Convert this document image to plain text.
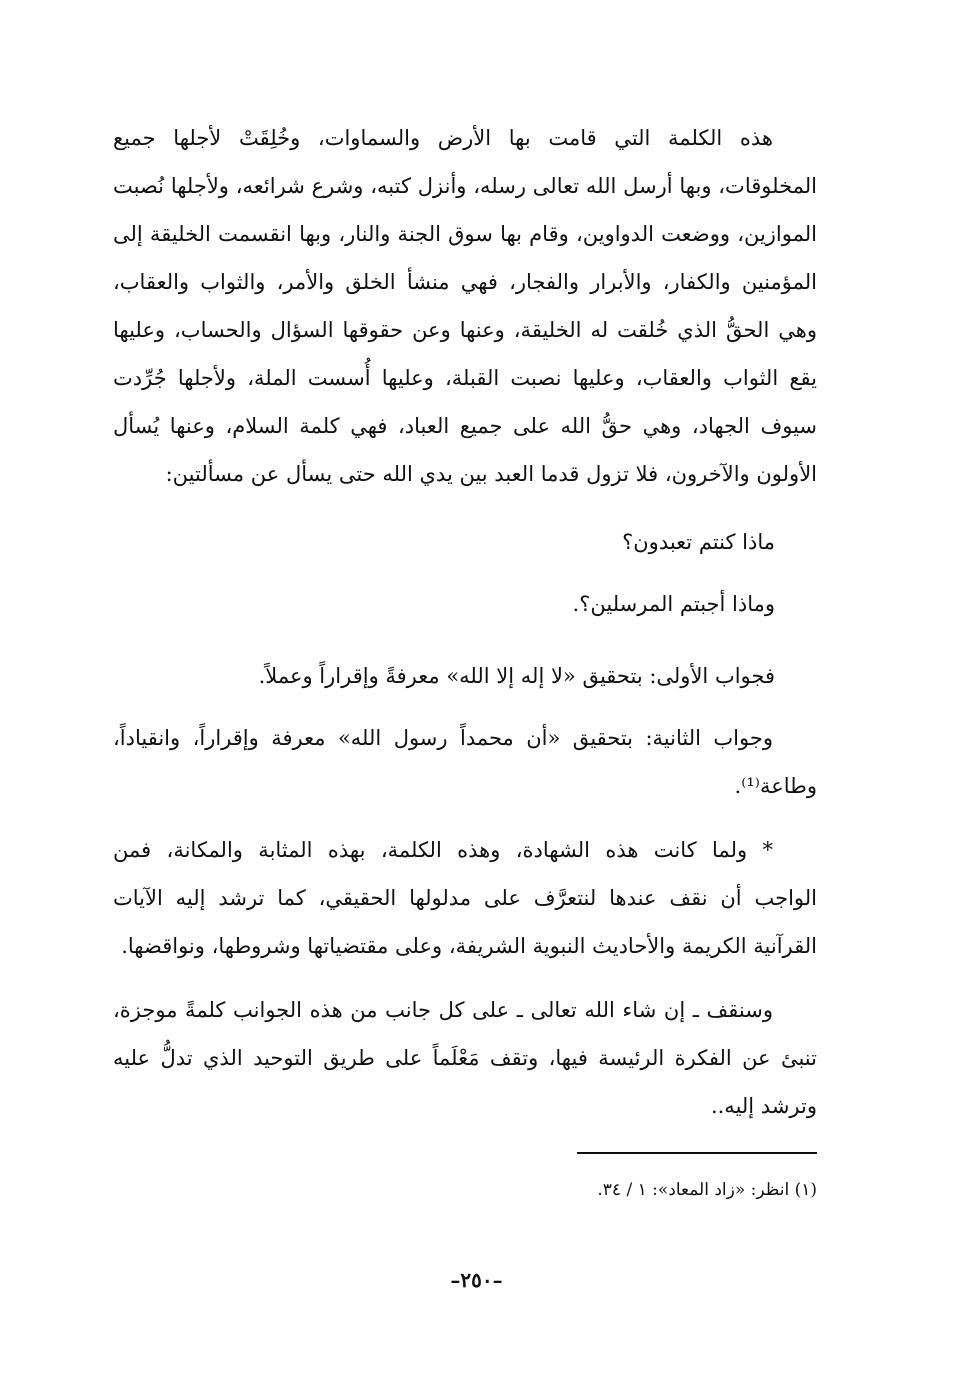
هذه الكلمة التي قامت بها الأرض والسماوات، وخُلِقَتْ لأجلها جميع
المخلوقات، وبها أرسل الله تعالى رسله، وأنزل كتبه، وشرع شرائعه، ولأجلها نُصبت
الموازين، ووضعت الدواوين، وقام بها سوق الجنة والنار، وبها انقسمت الخليقة إلى
المؤمنين والكفار، والأبرار والفجار، فهي منشأ الخلق والأمر، والثواب والعقاب،
وهي الحقُّ الذي خُلقت له الخليقة، وعنها وعن حقوقها السؤال والحساب، وعليها
يقع الثواب والعقاب، وعليها نصبت القبلة، وعليها أُسست الملة، ولأجلها جُرِّدت
سيوف الجهاد، وهي حقُّ الله على جميع العباد، فهي كلمة السلام، وعنها يُسأل
الأولون والآخرون، فلا تزول قدما العبد بين يدي الله حتى يسأل عن مسألتين:
ماذا كنتم تعبدون؟
وماذا أجبتم المرسلين؟.
فجواب الأولى: بتحقيق «لا إله إلا الله» معرفةً وإقراراً وعملاً.
وجواب الثانية: بتحقيق «أن محمداً رسول الله» معرفة وإقراراً، وانقياداً،
وطاعة⁽¹⁾.
* ولما كانت هذه الشهادة، وهذه الكلمة، بهذه المثابة والمكانة، فمن
الواجب أن نقف عندها لنتعرَّف على مدلولها الحقيقي، كما ترشد إليه الآيات
القرآنية الكريمة والأحاديث النبوية الشريفة، وعلى مقتضياتها وشروطها، ونواقضها.
وسنقف ـ إن شاء الله تعالى ـ على كل جانب من هذه الجوانب كلمةً موجزة،
تنبئ عن الفكرة الرئيسة فيها، وتقف مَعْلَماً على طريق التوحيد الذي تدلُّ عليه
وترشد إليه..
(١) انظر: «زاد المعاد»: ١ / ٣٤.
–٢٥٠–
